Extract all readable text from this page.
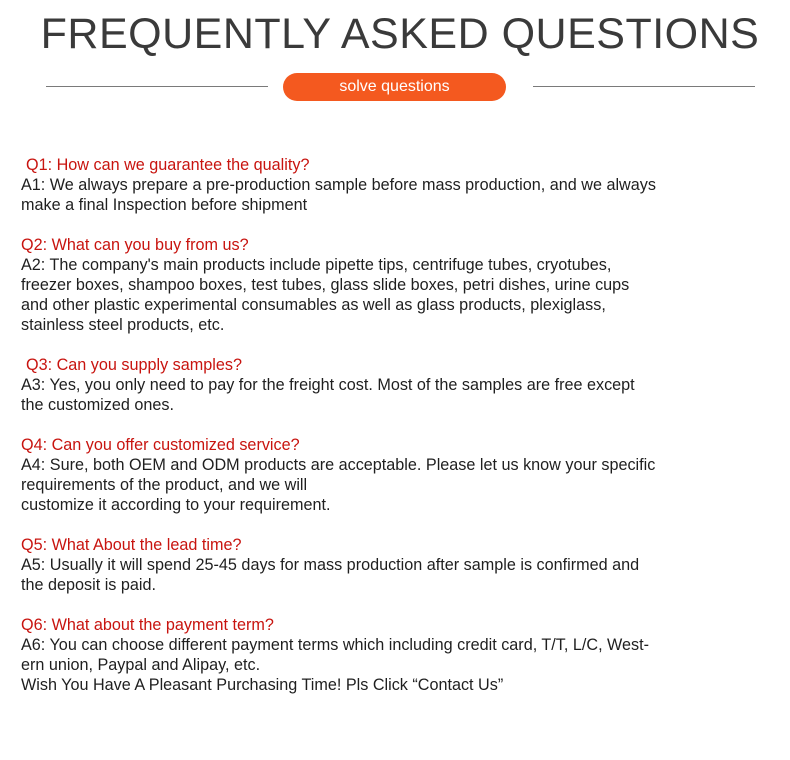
FREQUENTLY ASKED QUESTIONS
solve questions
Q1: How can we guarantee the quality?
A1: We always prepare a pre-production sample before mass production, and we always
make a final Inspection before shipment
Q2: What can you buy from us?
A2: The company's main products include pipette tips, centrifuge tubes, cryotubes,
freezer boxes, shampoo boxes, test tubes, glass slide boxes, petri dishes, urine cups
and other plastic experimental consumables as well as glass products, plexiglass,
stainless steel products, etc.
Q3: Can you supply samples?
A3: Yes, you only need to pay for the freight cost. Most of the samples are free except
the customized ones.
Q4: Can you offer customized service?
A4: Sure, both OEM and ODM products are acceptable. Please let us know your specific
requirements of the product, and we will
customize it according to your requirement.
Q5: What About the lead time?
A5: Usually it will spend 25-45 days for mass production after sample is confirmed and
the deposit is paid.
Q6: What about the payment term?
A6: You can choose different payment terms which including credit card, T/T, L/C, West-
ern union, Paypal and Alipay, etc.
Wish You Have A Pleasant Purchasing Time! Pls Click “Contact Us”
